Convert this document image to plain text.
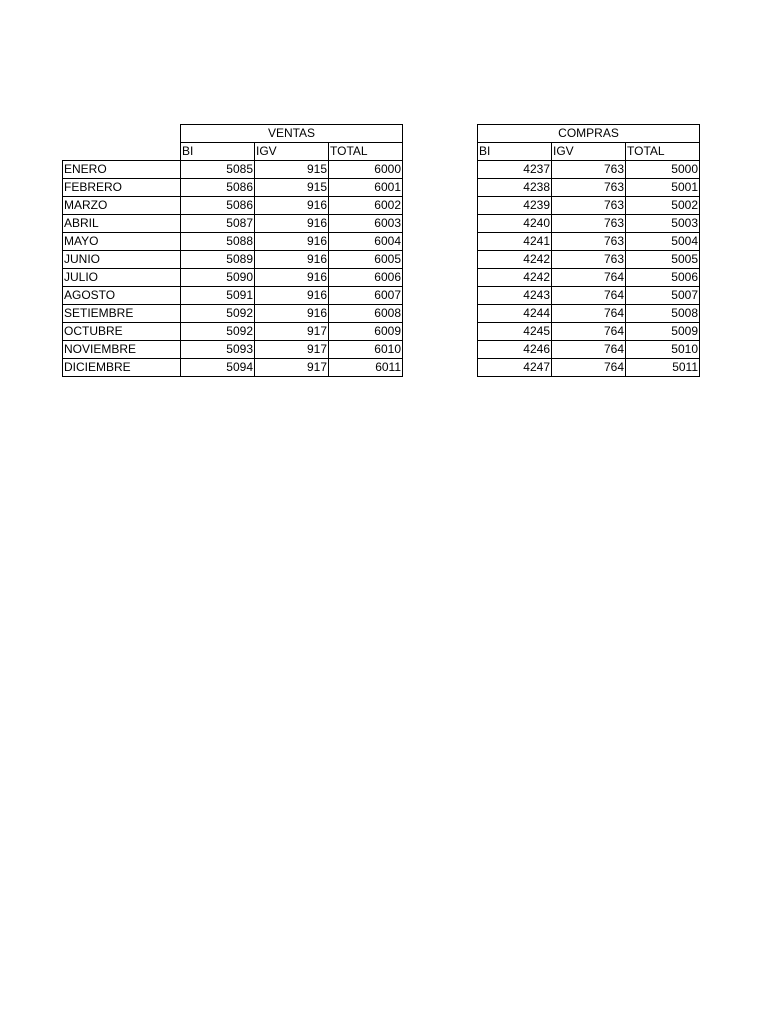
	VENTAS		
	BI	IGV	TOTAL
ENERO	5085	915	6000
FEBRERO	5086	915	6001
MARZO	5086	916	6002
ABRIL	5087	916	6003
MAYO	5088	916	6004
JUNIO	5089	916	6005
JULIO	5090	916	6006
AGOSTO	5091	916	6007
SETIEMBRE	5092	916	6008
OCTUBRE	5092	917	6009
NOVIEMBRE	5093	917	6010
DICIEMBRE	5094	917	6011
COMPRAS		
BI	IGV	TOTAL
4237	763	5000
4238	763	5001
4239	763	5002
4240	763	5003
4241	763	5004
4242	763	5005
4242	764	5006
4243	764	5007
4244	764	5008
4245	764	5009
4246	764	5010
4247	764	5011
